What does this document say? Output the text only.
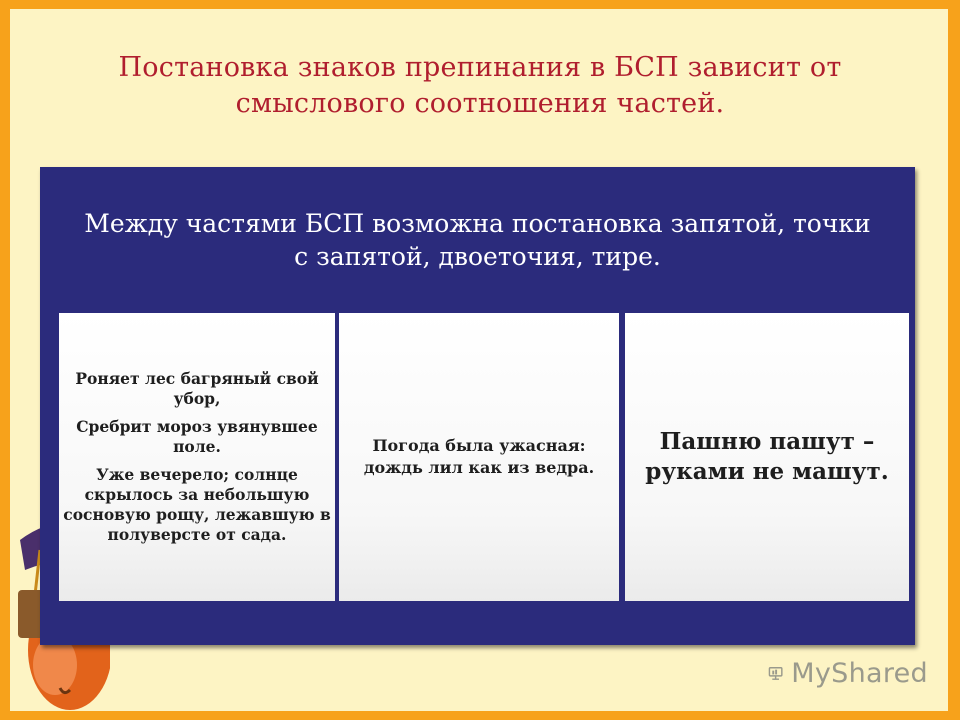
Постановка знаков препинания в БСП зависит от смыслового соотношения частей.
Между частями БСП возможна постановка запятой, точки с запятой, двоеточия, тире.

Роняет лес багряный свой убор,

Сребрит мороз увянувшее поле.

Уже вечерело; солнце скрылось за небольшую сосновую рощу, лежавшую в полуверсте от сада.

Погода была ужасная: дождь лил как из ведра.

Пашню пашут – руками не машут.

MyShared
